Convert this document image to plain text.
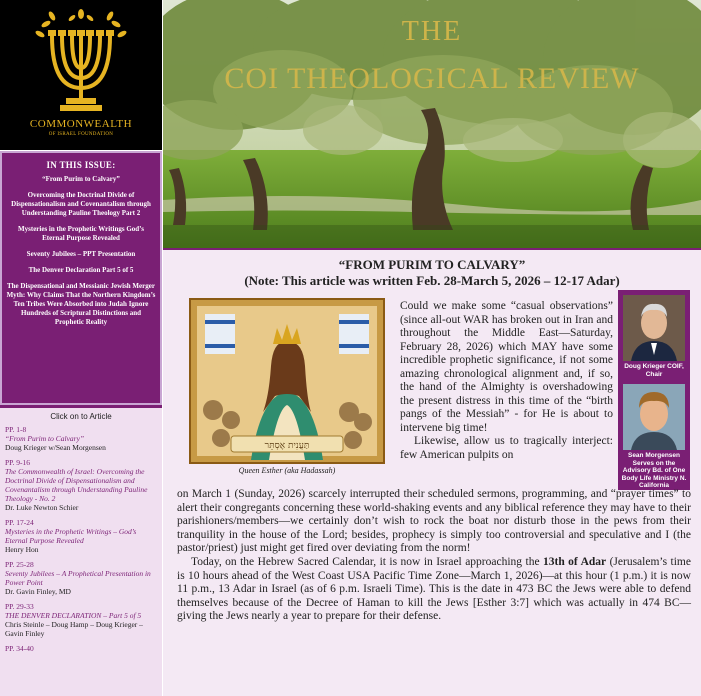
COMMONWEALTH
OF ISRAEL FOUNDATION
IN THIS ISSUE:
“From Purim to Calvary”
Overcoming the Doctrinal Divide of Dispensationalism and Covenantalism through Understanding Pauline Theology Part 2
Mysteries in the Prophetic Writings God’s Eternal Purpose Revealed
Seventy Jubilees – PPT Presentation
The Denver Declaration Part 5 of 5
The Dispensational and Messianic Jewish Merger Myth: Why Claims That the Northern Kingdom’s Ten Tribes Were Absorbed into Judah Ignore Hundreds of Scriptural Distinctions and Prophetic Reality
Click on to Article
PP. 1-8
“From Purim to Calvary”
Doug Krieger w/Sean Morgensen
PP. 9-16
The Commonwealth of Israel: Overcoming the Doctrinal Divide of Dispensationalism and Covenantalism through Understanding Pauline Theology - No. 2
Dr. Luke Newton Schier
PP. 17-24
Mysteries in the Prophetic Writings – God’s Eternal Purpose Revealed
Henry Hon
PP. 25-28
Seventy Jubilees – A Prophetical Presentation in Power Point
Dr. Gavin Finley, MD
PP. 29-33
THE DENVER DECLARATION – Part 5 of 5
Chris Steinle – Doug Hamp – Doug Krieger – Gavin Finley
PP. 34-40
THE
COI THEOLOGICAL REVIEW
“FROM PURIM TO CALVARY”
(Note: This article was written Feb. 28-March 5, 2026 – 12-17 Adar)
תַּעֲנִית אֶסְתֵּר
Queen Esther (aka Hadassah)

Could we make some “casual observations” (since all-out WAR has broken out in Iran and throughout the Middle East—Saturday, February 28, 2026) which MAY have some incredible prophetic significance, if not some amazing chronological alignment and, if so, the hand of the Almighty is overshadowing the present distress in this time of the “birth pangs of the Messiah” - for He is about to intervene big time!

Likewise, allow us to tragically interject: few American pulpits on

Doug Krieger COIF, Chair
Sean Morgensen Serves on the Advisory Bd. of One Body Life Ministry N. California

on March 1 (Sunday, 2026) scarcely interrupted their scheduled sermons, programming, and “prayer times” to alert their congregants concerning these world-shaking events and any biblical reference they may have to their parishioners/members—we certainly don’t wish to rock the boat nor disturb those in the pews from their tranquility in the house of the Lord; besides, prophecy is simply too controversial and speculative and I (the pastor/priest) just might get fired over deviating from the norm!

Today, on the Hebrew Sacred Calendar, it is now in Israel approaching the 13th of Adar (Jerusalem’s time is 10 hours ahead of the West Coast USA Pacific Time Zone—March 1, 2026)—at this hour (1 p.m.) it is now 11 p.m., 13 Adar in Israel (as of 6 p.m. Israeli Time). This is the date in 473 BC the Jews were able to defend themselves because of the Decree of Haman to kill the Jews [Esther 3:7] which was actually in 474 BC—giving the Jews nearly a year to prepare for their defense.
